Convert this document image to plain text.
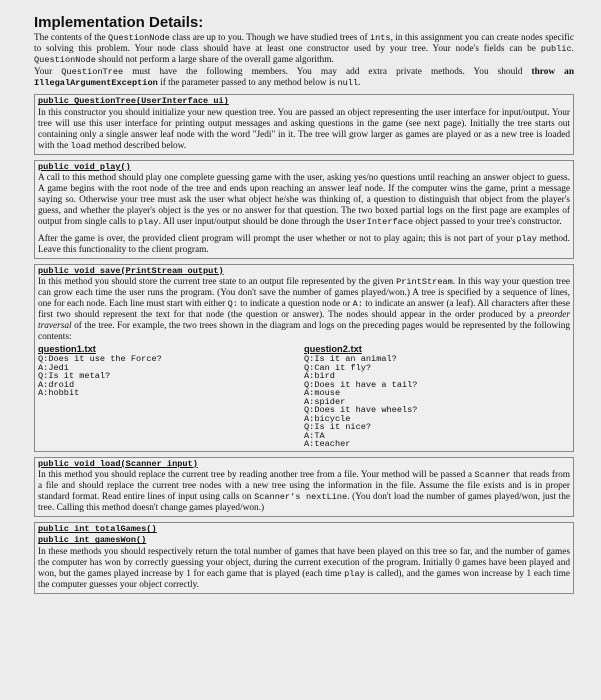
Implementation Details:

The contents of the QuestionNode class are up to you. Though we have studied trees of ints, in this assignment you can create nodes specific to solving this problem. Your node class should have at least one constructor used by your tree. Your node's fields can be public. QuestionNode should not perform a large share of the overall game algorithm.

Your QuestionTree must have the following members. You may add extra private methods. You should throw an IllegalArgumentException if the parameter passed to any method below is null.

public QuestionTree(UserInterface ui)

In this constructor you should initialize your new question tree. You are passed an object representing the user interface for input/output. Your tree will use this user interface for printing output messages and asking questions in the game (see next page). Initially the tree starts out containing only a single answer leaf node with the word "Jedi" in it. The tree will grow larger as games are played or as a new tree is loaded with the load method described below.

public void play()

A call to this method should play one complete guessing game with the user, asking yes/no questions until reaching an answer object to guess. A game begins with the root node of the tree and ends upon reaching an answer leaf node. If the computer wins the game, print a message saying so. Otherwise your tree must ask the user what object he/she was thinking of, a question to distinguish that object from the player's guess, and whether the player's object is the yes or no answer for that question. The two boxed partial logs on the first page are examples of output from single calls to play. All user input/output should be done through the UserInterface object passed to your tree's constructor.

After the game is over, the provided client program will prompt the user whether or not to play again; this is not part of your play method. Leave this functionality to the client program.

public void save(PrintStream output)

In this method you should store the current tree state to an output file represented by the given PrintStream. In this way your question tree can grow each time the user runs the program. (You don't save the number of games played/won.) A tree is specified by a sequence of lines, one for each node. Each line must start with either Q: to indicate a question node or A: to indicate an answer (a leaf). All characters after these first two should represent the text for that node (the question or answer). The nodes should appear in the order produced by a preorder traversal of the tree. For example, the two trees shown in the diagram and logs on the preceding pages would be represented by the following contents:

question1.txt
Q:Does it use the Force?
A:Jedi
Q:Is it metal?
A:droid
A:hobbit
question2.txt
Q:Is it an animal?
Q:Can it fly?
A:bird
Q:Does it have a tail?
A:mouse
A:spider
Q:Does it have wheels?
A:bicycle
Q:Is it nice?
A:TA
A:teacher
public void load(Scanner input)

In this method you should replace the current tree by reading another tree from a file. Your method will be passed a Scanner that reads from a file and should replace the current tree nodes with a new tree using the information in the file. Assume the file exists and is in proper standard format. Read entire lines of input using calls on Scanner's nextLine. (You don't load the number of games played/won, just the tree. Calling this method doesn't change games played/won.)

public int totalGames()
public int gamesWon()

In these methods you should respectively return the total number of games that have been played on this tree so far, and the number of games the computer has won by correctly guessing your object, during the current execution of the program. Initially 0 games have been played and won, but the games played increase by 1 for each game that is played (each time play is called), and the games won increase by 1 each time the computer guesses your object correctly.
